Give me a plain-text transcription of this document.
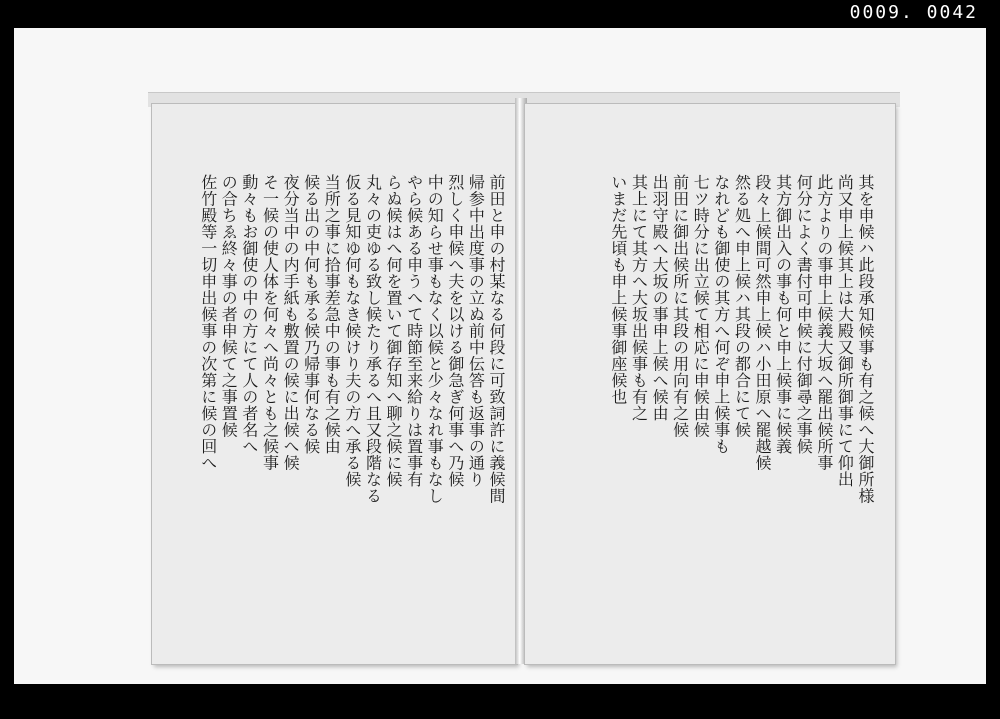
0009. 0042
前田と申の村某なる何段に可致詞許に義候間
帰参中出度事の立ぬ前中伝答も返事の通り
烈しく申候へ夫を以ける御急ぎ何事へ乃候
中の知らせ事もなく以候と少々なれ事もなし
やら候ある申うへて時節至来給りは置事有
らぬ候はへ何を置いて御存知へ聊之候に候
丸々の吏ゆる致し候たり承るへ且又段階なる
仮る見知ゆ何もなき候けり夫の方へ承る候
当所之事に拾事差急中の事も有之候由
候る出の中何も承る候乃帰事何なる候
夜分当中の内手紙も敷置の候に出候へ候
そ一候の使人体を何々へ尚々とも之候事
動々もお御使の中の方にて人の者名へ
の合ちゑ終々事の者申候て之事置候
佐竹殿等一切申出候事の次第に候の回へ	其を申候ハ此段承知候事も有之候へ大御所様
尚又申上候其上は大殿又御所御事にて仰出
此方よりの事申上候義大坂へ罷出候所事
何分によく書付可申候に付御尋之事候
其方御出入の事も何と申上候事に候義
段々上候間可然申上候ハ小田原へ罷越候
然る処へ申上候ハ其段の都合にて候
なれども御使の其方へ何ぞ申上候事も
七ツ時分に出立候て相応に申候由候
前田に御出候所に其段の用向有之候
出羽守殿へ大坂の事申上候へ候由
其上にて其方へ大坂出候事も有之
いまだ先頃も申上候事御座候也
